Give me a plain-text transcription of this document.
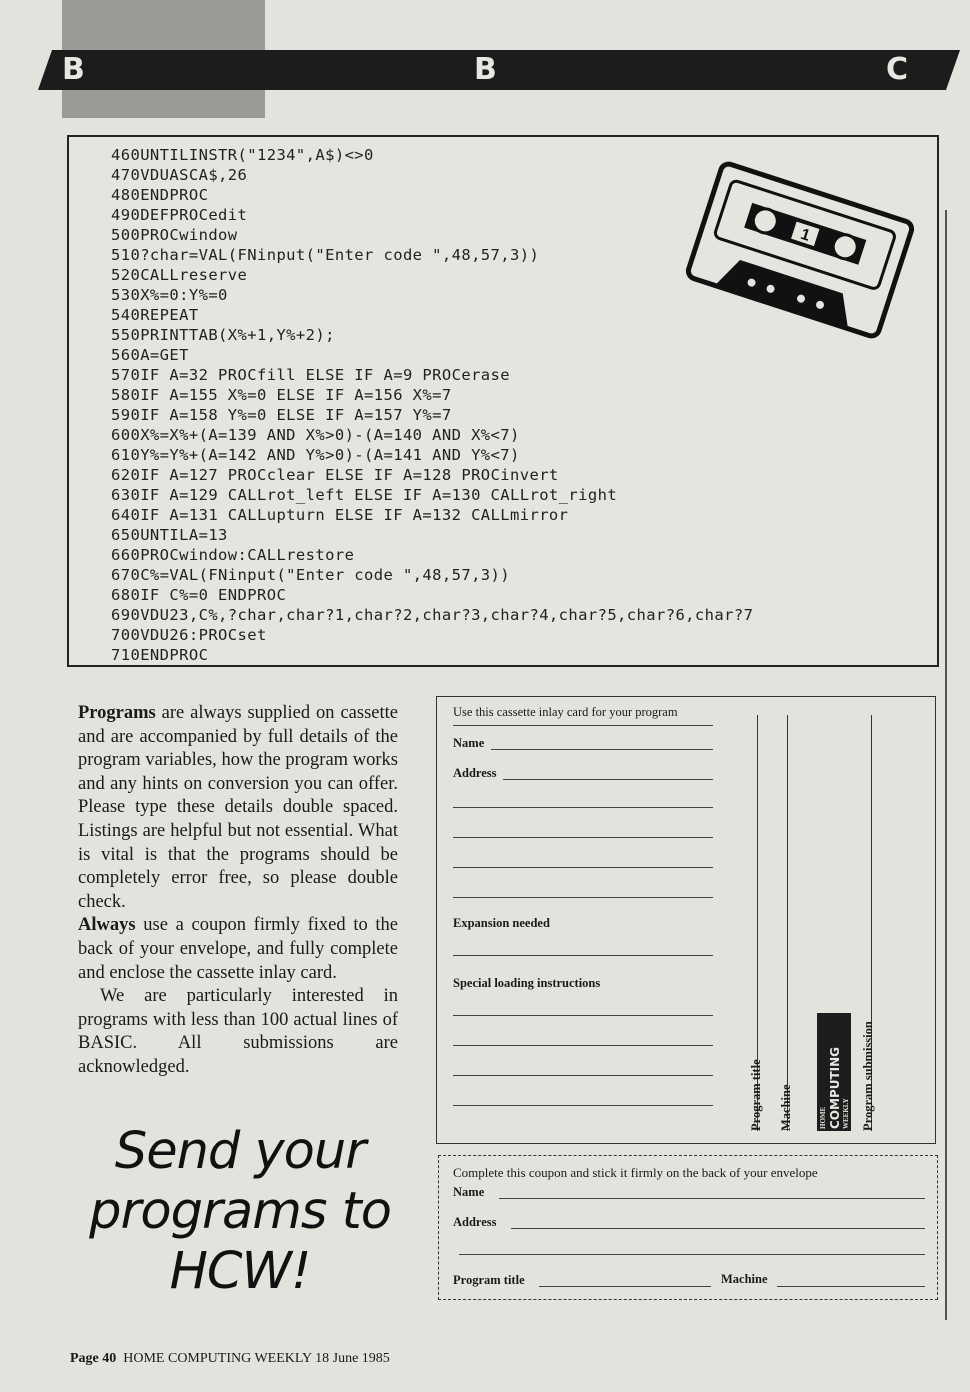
B	B	C
460UNTILINSTR("1234",A$)<>0
470VDUASCA$,26
480ENDPROC
490DEFPROCedit
500PROCwindow
510?char=VAL(FNinput("Enter code ",48,57,3))
520CALLreserve
530X%=0:Y%=0
540REPEAT
550PRINTTAB(X%+1,Y%+2);
560A=GET
570IF A=32 PROCfill ELSE IF A=9 PROCerase
580IF A=155 X%=0 ELSE IF A=156 X%=7
590IF A=158 Y%=0 ELSE IF A=157 Y%=7
600X%=X%+(A=139 AND X%>0)-(A=140 AND X%<7)
610Y%=Y%+(A=142 AND Y%>0)-(A=141 AND Y%<7)
620IF A=127 PROCclear ELSE IF A=128 PROCinvert
630IF A=129 CALLrot_left ELSE IF A=130 CALLrot_right
640IF A=131 CALLupturn ELSE IF A=132 CALLmirror
650UNTILA=13
660PROCwindow:CALLrestore
670C%=VAL(FNinput("Enter code ",48,57,3))
680IF C%=0 ENDPROC
690VDU23,C%,?char,char?1,char?2,char?3,char?4,char?5,char?6,char?7
700VDU26:PROCset
710ENDPROC
1

Programs are always supplied on cassette and are accompanied by full details of the program variables, how the program works and any hints on conversion you can offer. Please type these details double spaced. Listings are helpful but not essential. What is vital is that the programs should be completely error free, so please double check.

Always use a coupon firmly fixed to the back of your envelope, and fully complete and enclose the cassette inlay card.

We are particularly interested in programs with less than 100 actual lines of BASIC. All submissions are acknowledged.

Send your
programs to
HCW!
Use this cassette inlay card for your program
Name
Address
Expansion needed
Special loading instructions
Program title Machine	HOME COMPUTING WEEKLY Program submission
Complete this coupon and stick it firmly on the back of your envelope
Name
Address
Program title	Machine
Page 40 HOME COMPUTING WEEKLY 18 June 1985
